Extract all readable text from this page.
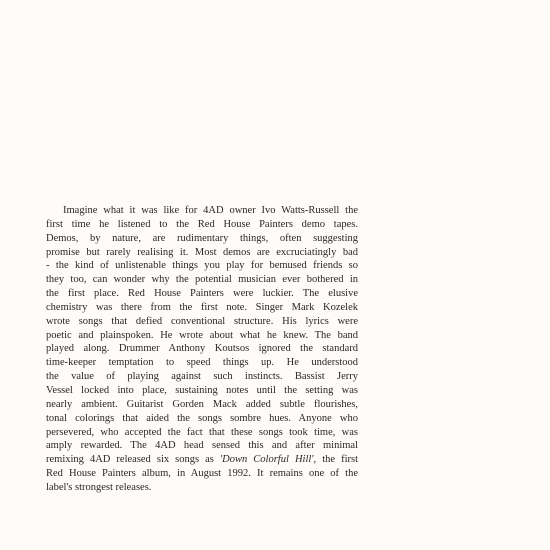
Imagine what it was like for 4AD owner Ivo Watts-Russell the
first time he listened to the Red House Painters demo tapes.
Demos, by nature, are rudimentary things, often suggesting
promise but rarely realising it. Most demos are excruciatingly bad
- the kind of unlistenable things you play for bemused friends so
they too, can wonder why the potential musician ever bothered in
the first place. Red House Painters were luckier. The elusive
chemistry was there from the first note. Singer Mark Kozelek
wrote songs that defied conventional structure. His lyrics were
poetic and plainspoken. He wrote about what he knew. The band
played along. Drummer Anthony Koutsos ignored the standard
time-keeper temptation to speed things up. He understood
the value of playing against such instincts. Bassist Jerry
Vessel locked into place, sustaining notes until the setting was
nearly ambient. Guitarist Gorden Mack added subtle flourishes,
tonal colorings that aided the songs sombre hues. Anyone who
persevered, who accepted the fact that these songs took time, was
amply rewarded. The 4AD head sensed this and after minimal
remixing 4AD released six songs as 'Down Colorful Hill', the first
Red House Painters album, in August 1992. It remains one of the
label's strongest releases.
